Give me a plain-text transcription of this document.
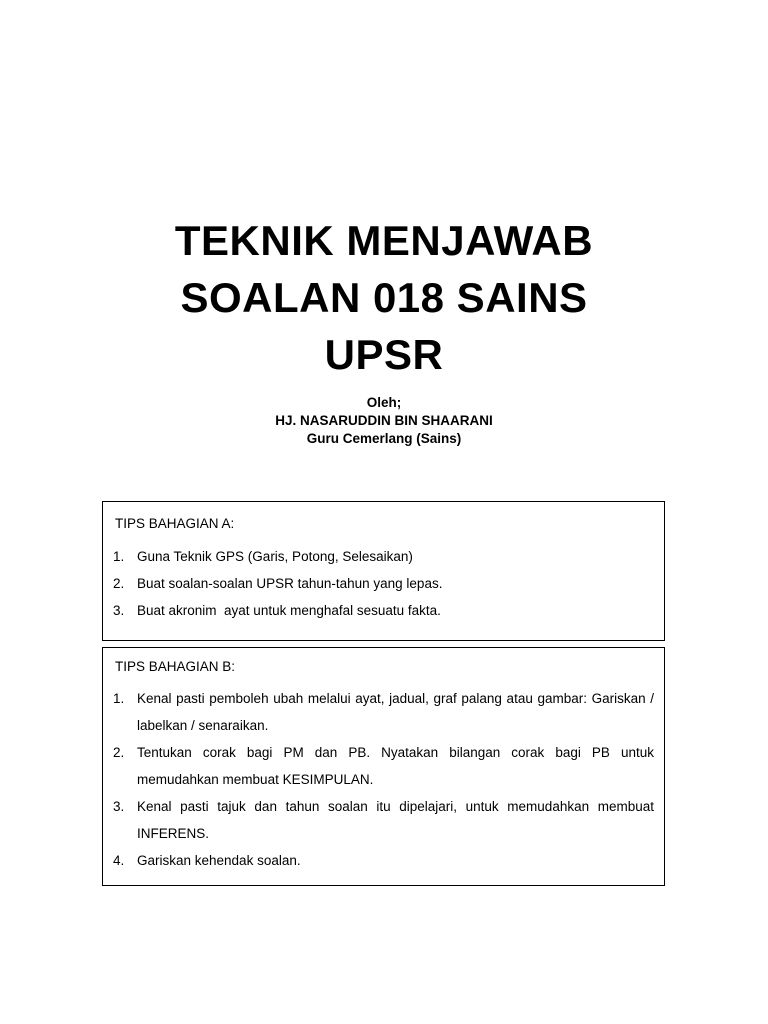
TEKNIK MENJAWAB
SOALAN 018 SAINS
UPSR
Oleh;
HJ. NASARUDDIN BIN SHAARANI
Guru Cemerlang (Sains)
TIPS BAHAGIAN A:
1. Guna Teknik GPS (Garis, Potong, Selesaikan)
2. Buat soalan-soalan UPSR tahun-tahun yang lepas.
3. Buat akronim  ayat untuk menghafal sesuatu fakta.
TIPS BAHAGIAN B:
1. Kenal pasti pemboleh ubah melalui ayat, jadual, graf palang atau gambar: Gariskan / labelkan / senaraikan.
2. Tentukan corak bagi PM dan PB. Nyatakan bilangan corak bagi PB untuk memudahkan membuat KESIMPULAN.
3. Kenal pasti tajuk dan tahun soalan itu dipelajari, untuk memudahkan membuat INFERENS.
4. Gariskan kehendak soalan.
